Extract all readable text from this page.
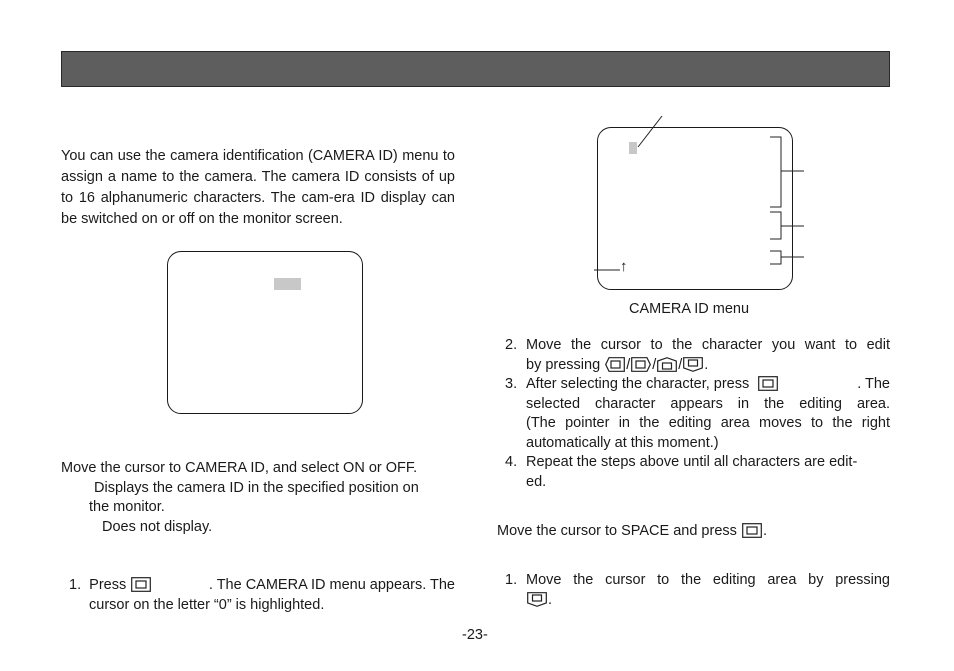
You can use the camera identification (CAMERA ID) menu to assign a name to the camera. The camera ID consists of up to 16 alphanumeric characters. The cam-era ID display can be switched on or off on the monitor screen.
Move the cursor to CAMERA ID, and select ON or OFF.
Displays the camera ID in the specified position on
the monitor.
Does not display.
1. Press	. The CAMERA ID menu appears. The
cursor on the letter “0” is highlighted.
↑
CAMERA ID menu
2. Move the cursor to the character you want to edit
by pressing / / / .
3. After selecting the character, press	. The
selected character appears in the editing area.
(The pointer in the editing area moves to the right
automatically at this moment.)
4. Repeat the steps above until all characters are edit-
ed.
Move the cursor to SPACE and press .
1. Move the cursor to the editing area by pressing
.
-23-
